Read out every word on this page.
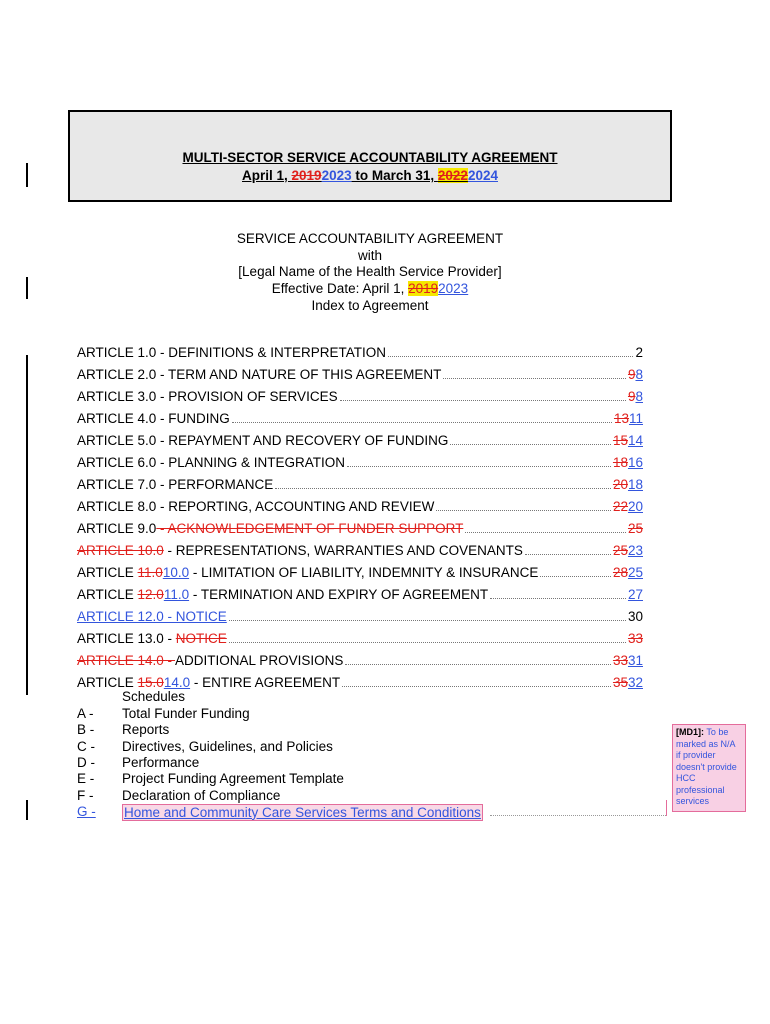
MULTI-SECTOR SERVICE ACCOUNTABILITY AGREEMENT
April 1, 20192023 to March 31, 20222024
SERVICE ACCOUNTABILITY AGREEMENT
with
[Legal Name of the Health Service Provider]
Effective Date: April 1, 20192023
Index to Agreement
ARTICLE 1.0 - DEFINITIONS & INTERPRETATION	2
ARTICLE 2.0 - TERM AND NATURE OF THIS AGREEMENT	98
ARTICLE 3.0 - PROVISION OF SERVICES	98
ARTICLE 4.0 - FUNDING	1311
ARTICLE 5.0 - REPAYMENT AND RECOVERY OF FUNDING	1514
ARTICLE 6.0 - PLANNING & INTEGRATION	1816
ARTICLE 7.0 - PERFORMANCE	2018
ARTICLE 8.0 - REPORTING, ACCOUNTING AND REVIEW	2220
ARTICLE 9.0 - ACKNOWLEDGEMENT OF FUNDER SUPPORT	25
ARTICLE 10.0 - REPRESENTATIONS, WARRANTIES AND COVENANTS	2523
ARTICLE 11.010.0 - LIMITATION OF LIABILITY, INDEMNITY & INSURANCE	2825
ARTICLE 12.011.0 - TERMINATION AND EXPIRY OF AGREEMENT	27
ARTICLE 12.0 - NOTICE	30
ARTICLE 13.0 - NOTICE	33
ARTICLE 14.0 - ADDITIONAL PROVISIONS	3331
ARTICLE 15.014.0 - ENTIRE AGREEMENT	3532
Schedules
A - Total Funder Funding
B - Reports
C - Directives, Guidelines, and Policies
D - Performance
E - Project Funding Agreement Template
F - Declaration of Compliance
G - Home and Community Care Services Terms and Conditions
[MD1]: To be marked as N/A if provider doesn't provide HCC professional services
